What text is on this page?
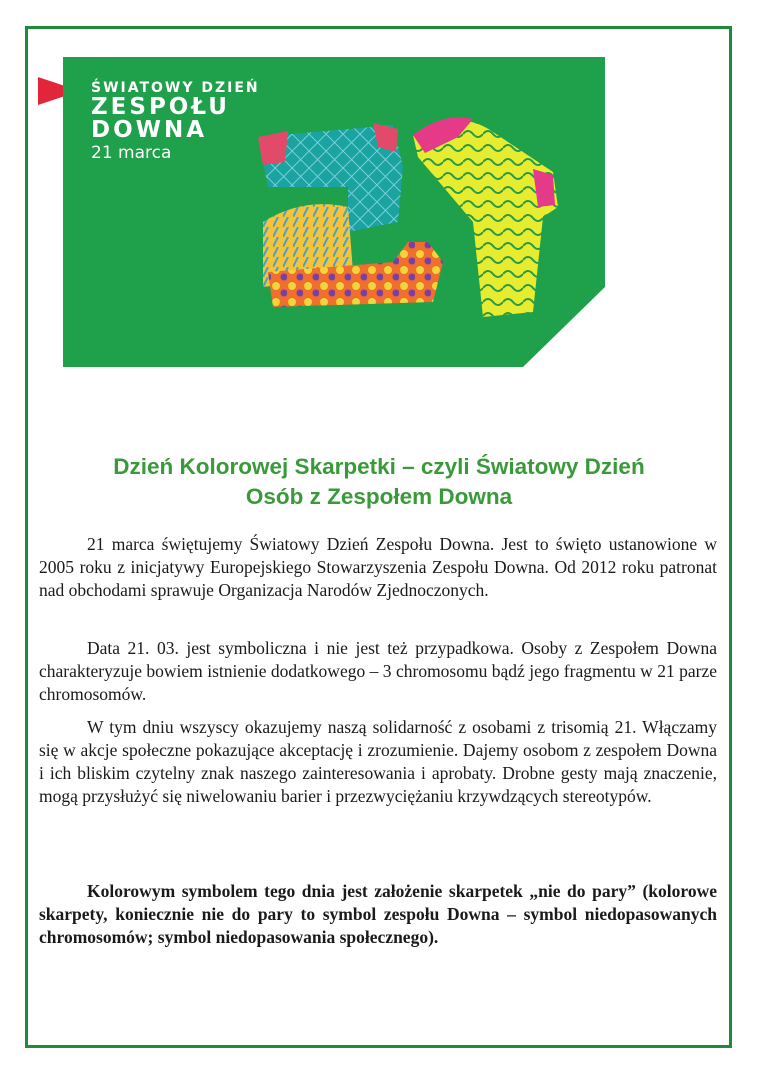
ŚWIATOWY DZIEŃ
ZESPOŁU
DOWNA
21 marca
Dzień Kolorowej Skarpetki – czyli Światowy Dzień
Osób z Zespołem Downa

21 marca świętujemy Światowy Dzień Zespołu Downa. Jest to święto ustanowione w 2005 roku z inicjatywy Europejskiego Stowarzyszenia Zespołu Downa. Od 2012 roku patronat nad obchodami sprawuje Organizacja Narodów Zjednoczonych.

Data 21. 03. jest symboliczna i nie jest też przypadkowa. Osoby z Zespołem Downa charakteryzuje bowiem istnienie dodatkowego – 3 chromosomu bądź jego fragmentu w 21 parze chromosomów.

W tym dniu wszyscy okazujemy naszą solidarność z osobami z trisomią 21. Włączamy się w akcje społeczne pokazujące akceptację i zrozumienie. Dajemy osobom z zespołem Downa i ich bliskim czytelny znak naszego zainteresowania i aprobaty. Drobne gesty mają znaczenie, mogą przysłużyć się niwelowaniu barier i przezwyciężaniu krzywdzących stereotypów.

Kolorowym symbolem tego dnia jest założenie skarpetek „nie do pary” (kolorowe skarpety, koniecznie nie do pary to symbol zespołu Downa – symbol niedopasowanych chromosomów; symbol niedopasowania społecznego).
